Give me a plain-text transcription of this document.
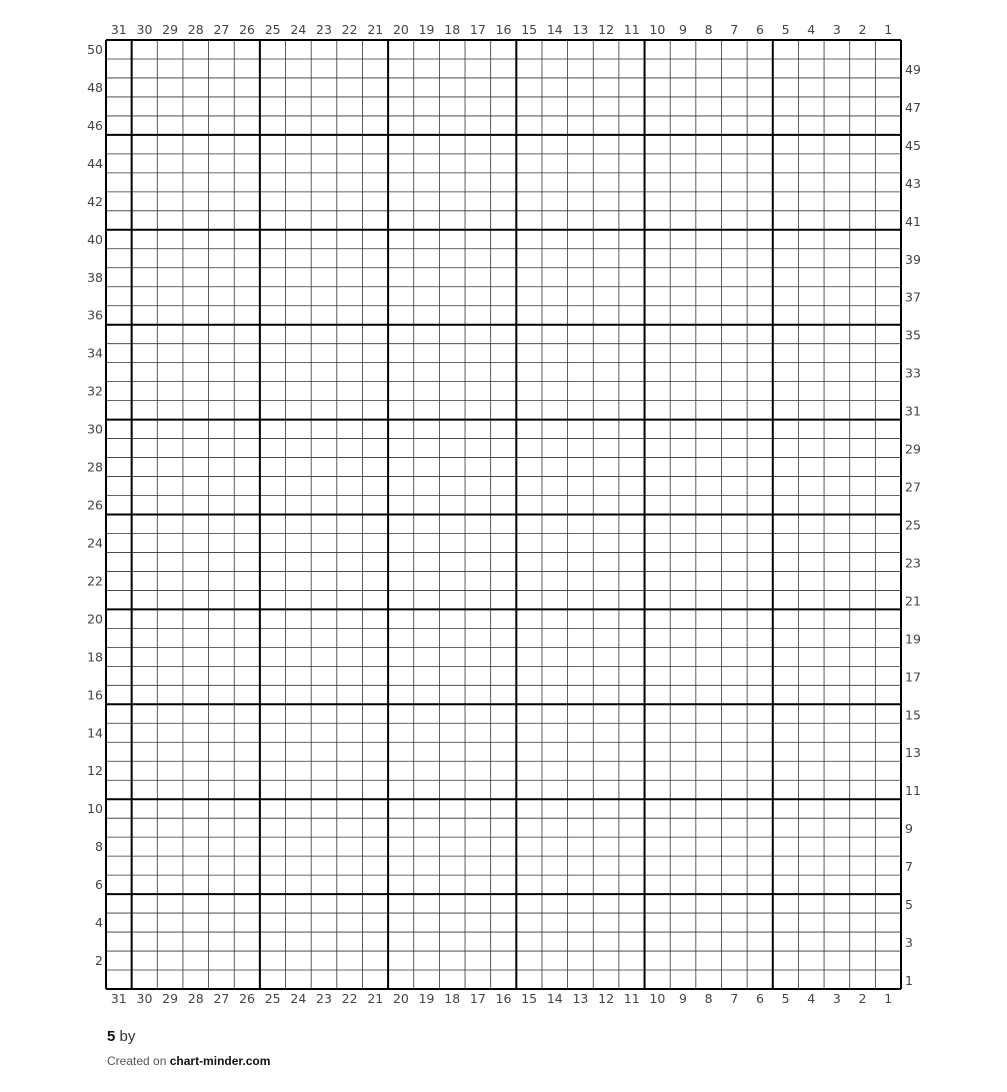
31 30 29 28 27 26 25 24 23 22 21 20 19 18 17 16 15 14 13 12 11 10 9 8 7 6 5 4 3 2 1
31 30 29 28 27 26 25 24 23 22 21 20 19 18 17 16 15 14 13 12 11 10 9 8 7 6 5 4 3 2 1
2
4
6
8
10
12
14
16
18
20
22
24
26
28
30
32
34
36
38
40
42
44
46
48
50
1
3
5
7
9
11
13
15
17
19
21
23
25
27
29
31
33
35
37
39
41
43
45
47
49
5 by
Created on chart-minder.com
